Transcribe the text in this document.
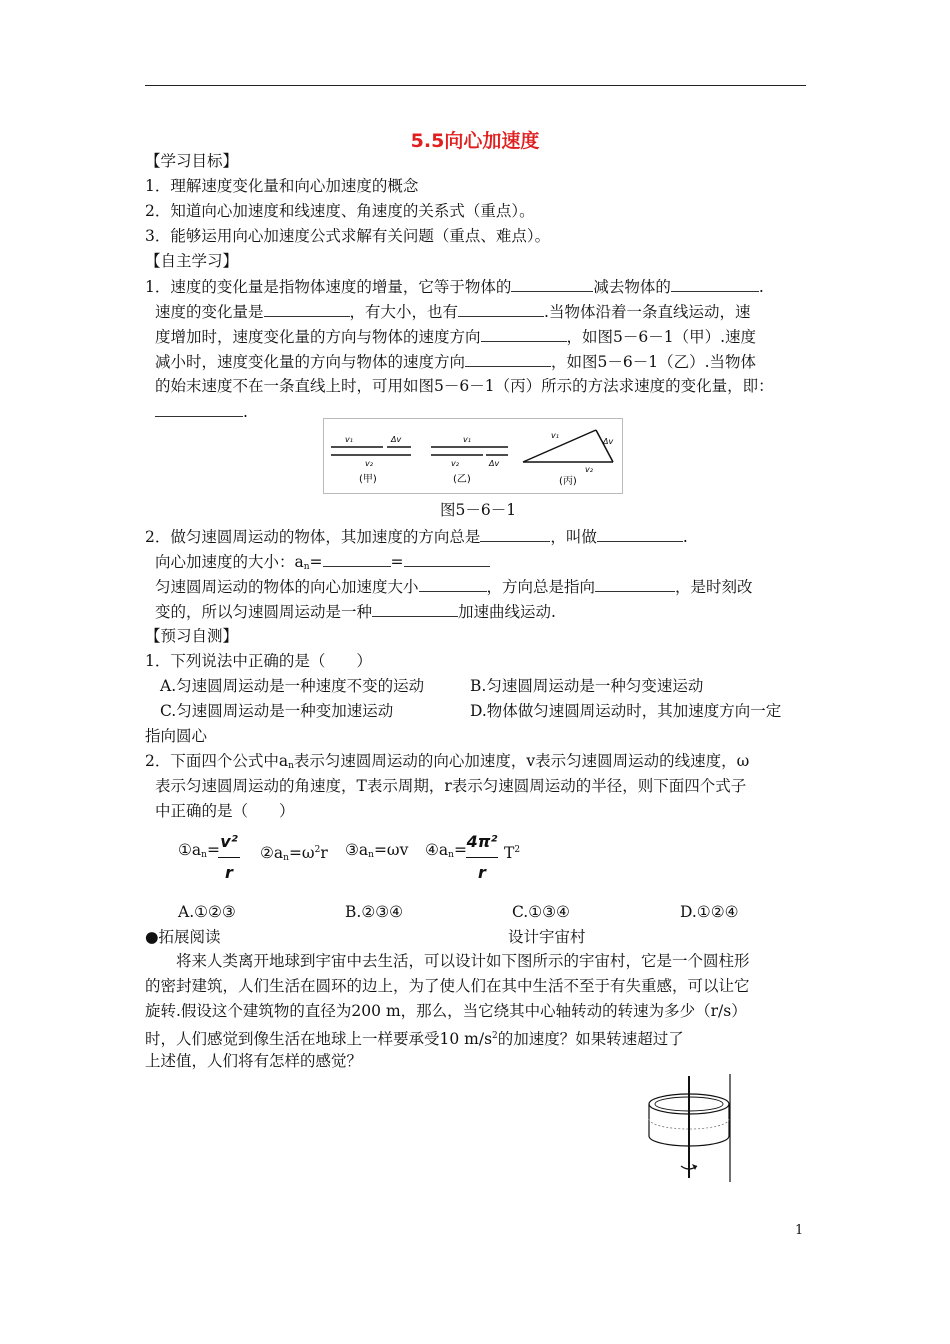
5.5向心加速度
【学习目标】
1．理解速度变化量和向心加速度的概念
2．知道向心加速度和线速度、角速度的关系式（重点）。
3．能够运用向心加速度公式求解有关问题（重点、难点）。
【自主学习】
1．速度的变化量是指物体速度的增量，它等于物体的	减去物体的	.
速度的变化量是	，有大小，也有	.当物体沿着一条直线运动，速
度增加时，速度变化量的方向与物体的速度方向	，如图5－6－1（甲）.速度
减小时，速度变化量的方向与物体的速度方向	，如图5－6－1（乙）.当物体
的始末速度不在一条直线上时，可用如图5－6－1（丙）所示的方法求速度的变化量，即：
.
v₁	Δv
v₂
(甲)
v₁
v₂	Δv
(乙)
v₁
Δv
v₂
(丙)
图5－6－1
2．做匀速圆周运动的物体，其加速度的方向总是	，叫做	.
向心加速度的大小：$a_n=$	=
匀速圆周运动的物体的向心加速度大小	，方向总是指向	，是时刻改
变的，所以匀速圆周运动是一种	加速曲线运动.
【预习自测】
1．下列说法中正确的是（　　）
A.匀速圆周运动是一种速度不变的运动	B.匀速圆周运动是一种匀变速运动
C.匀速圆周运动是一种变加速运动	D.物体做匀速圆周运动时，其加速度方向一定
指向圆心
2．下面四个公式中$a_n$表示匀速圆周运动的向心加速度，v表示匀速圆周运动的线速度，ω
表示匀速圆周运动的角速度，T表示周期，r表示匀速圆周运动的半径，则下面四个式子
中正确的是（　　）
$①a_n= v^2$
r
$②a_n=\omega^2r$ $③a_n=\omega v$ $④a_n= 4\pi^2$
r
$T^2$
A.①②③	B.②③④	C.①③④	D.①②④
●拓展阅读	设计宇宙村
将来人类离开地球到宇宙中去生活，可以设计如下图所示的宇宙村，它是一个圆柱形
的密封建筑，人们生活在圆环的边上，为了使人们在其中生活不至于有失重感，可以让它
旋转.假设这个建筑物的直径为200 m，那么，当它绕其中心轴转动的转速为多少（r/s）
时，人们感觉到像生活在地球上一样要承受10 $m/s^2$的加速度？如果转速超过了
上述值，人们将有怎样的感觉？
1
